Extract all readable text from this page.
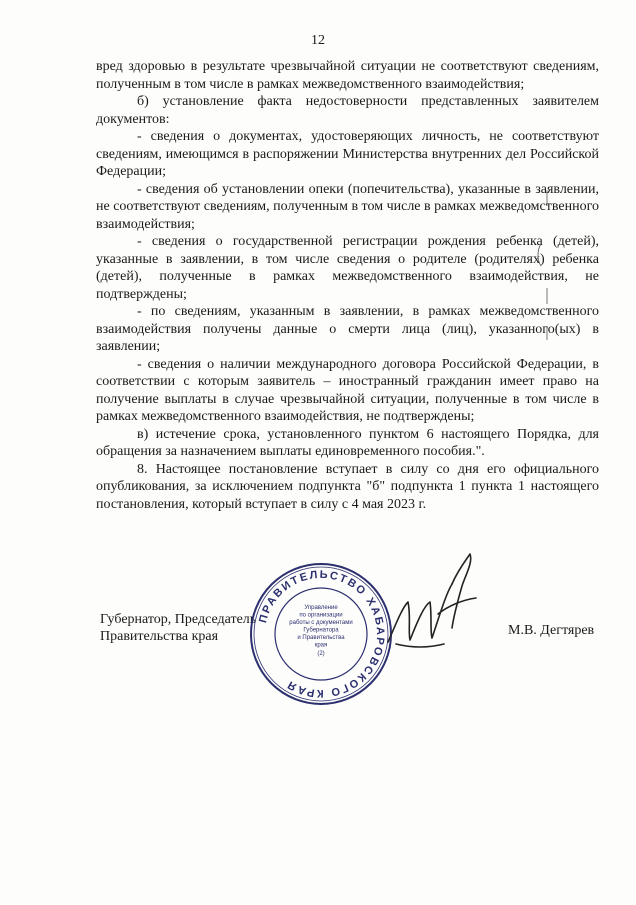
12

вред здоровью в результате чрезвычайной ситуации не соответствуют сведениям, полученным в том числе в рамках межведомственного взаимодействия;

б) установление факта недостоверности представленных заявителем документов:

- сведения о документах, удостоверяющих личность, не соответствуют сведениям, имеющимся в распоряжении Министерства внутренних дел Российской Федерации;

- сведения об установлении опеки (попечительства), указанные в заявлении, не соответствуют сведениям, полученным в том числе в рамках межведомственного взаимодействия;

- сведения о государственной регистрации рождения ребенка (детей), указанные в заявлении, в том числе сведения о родителе (родителях) ребенка (детей), полученные в рамках межведомственного взаимодействия, не подтверждены;

- по сведениям, указанным в заявлении, в рамках межведомственного взаимодействия получены данные о смерти лица (лиц), указанного(ых) в заявлении;

- сведения о наличии международного договора Российской Федерации, в соответствии с которым заявитель – иностранный гражданин имеет право на получение выплаты в случае чрезвычайной ситуации, полученные в том числе в рамках межведомственного взаимодействия, не подтверждены;

в) истечение срока, установленного пунктом 6 настоящего Порядка, для обращения за назначением выплаты единовременного пособия.".

8. Настоящее постановление вступает в силу со дня его официального опубликования, за исключением подпункта "б" подпункта 1 пункта 1 настоящего постановления, который вступает в силу с 4 мая 2023 г.

Губернатор, Председатель
Правительства края	М.В. Дегтярев
ПРАВИТЕЛЬСТВО ХАБАРОВСКОГО КРАЯ
Управление
по организации
работы с документами
Губернатора
и Правительства
края
(2)
